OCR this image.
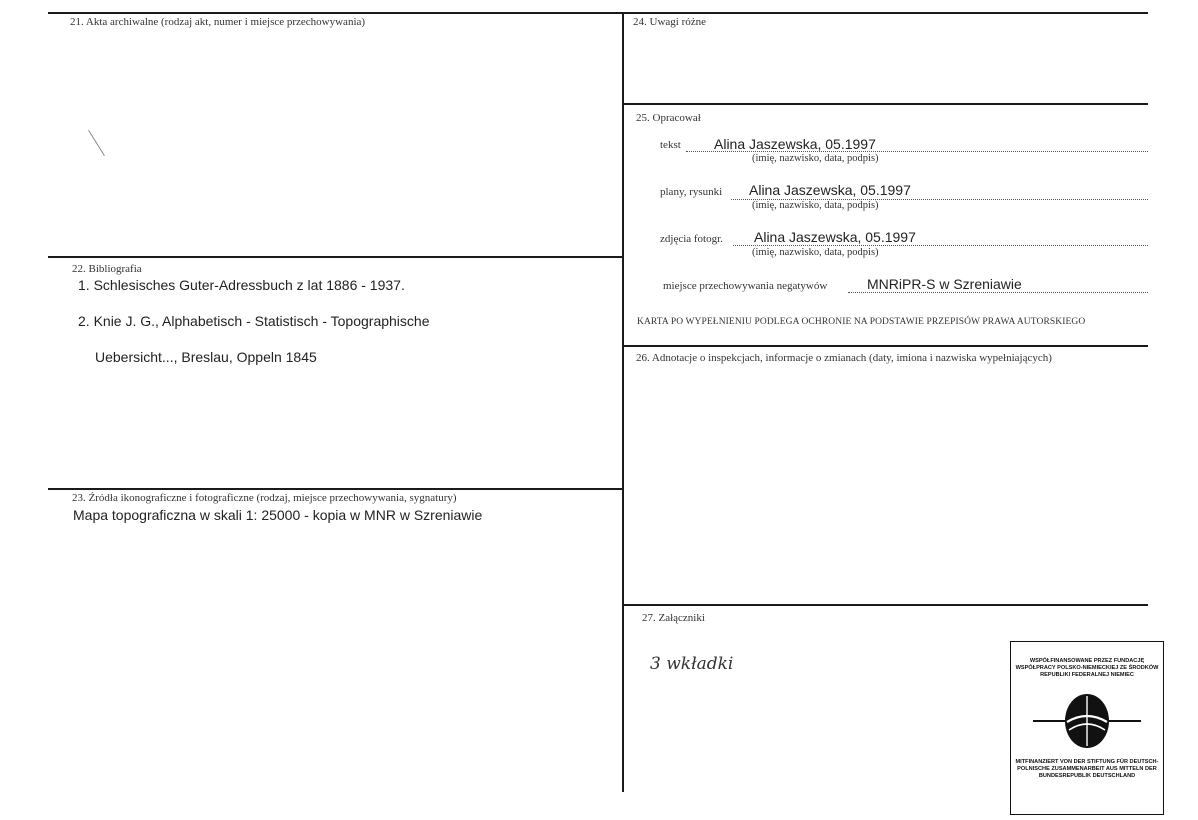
21. Akta archiwalne (rodzaj akt, numer i miejsce przechowywania)
22. Bibliografia
1. Schlesisches Guter-Adressbuch z lat 1886 - 1937.
2. Knie J. G., Alphabetisch - Statistisch - Topographische
Uebersicht..., Breslau, Oppeln 1845
23. Źródła ikonograficzne i fotograficzne (rodzaj, miejsce przechowywania, sygnatury)
Mapa topograficzna w skali 1: 25000 - kopia w MNR w Szreniawie
24. Uwagi różne
25. Opracował
tekst Alina Jaszewska, 05.1997
(imię, nazwisko, data, podpis)
plany, rysunki Alina Jaszewska, 05.1997
(imię, nazwisko, data, podpis)
zdjęcia fotogr. Alina Jaszewska, 05.1997
(imię, nazwisko, data, podpis)
miejsce przechowywania negatywów	MNRiPR-S w Szreniawie
KARTA PO WYPEŁNIENIU PODLEGA OCHRONIE NA PODSTAWIE PRZEPISÓW PRAWA AUTORSKIEGO
26. Adnotacje o inspekcjach, informacje o zmianach (daty, imiona i nazwiska wypełniających)
27. Załączniki
3 wkładki	WSPÓŁFINANSOWANE PRZEZ FUNDACJĘ WSPÓŁPRACY POLSKO-NIEMIECKIEJ ZE ŚRODKÓW REPUBLIKI FEDERALNEJ NIEMIEC
MITFINANZIERT VON DER STIFTUNG FÜR DEUTSCH-POLNISCHE ZUSAMMENARBEIT AUS MITTELN DER BUNDESREPUBLIK DEUTSCHLAND
